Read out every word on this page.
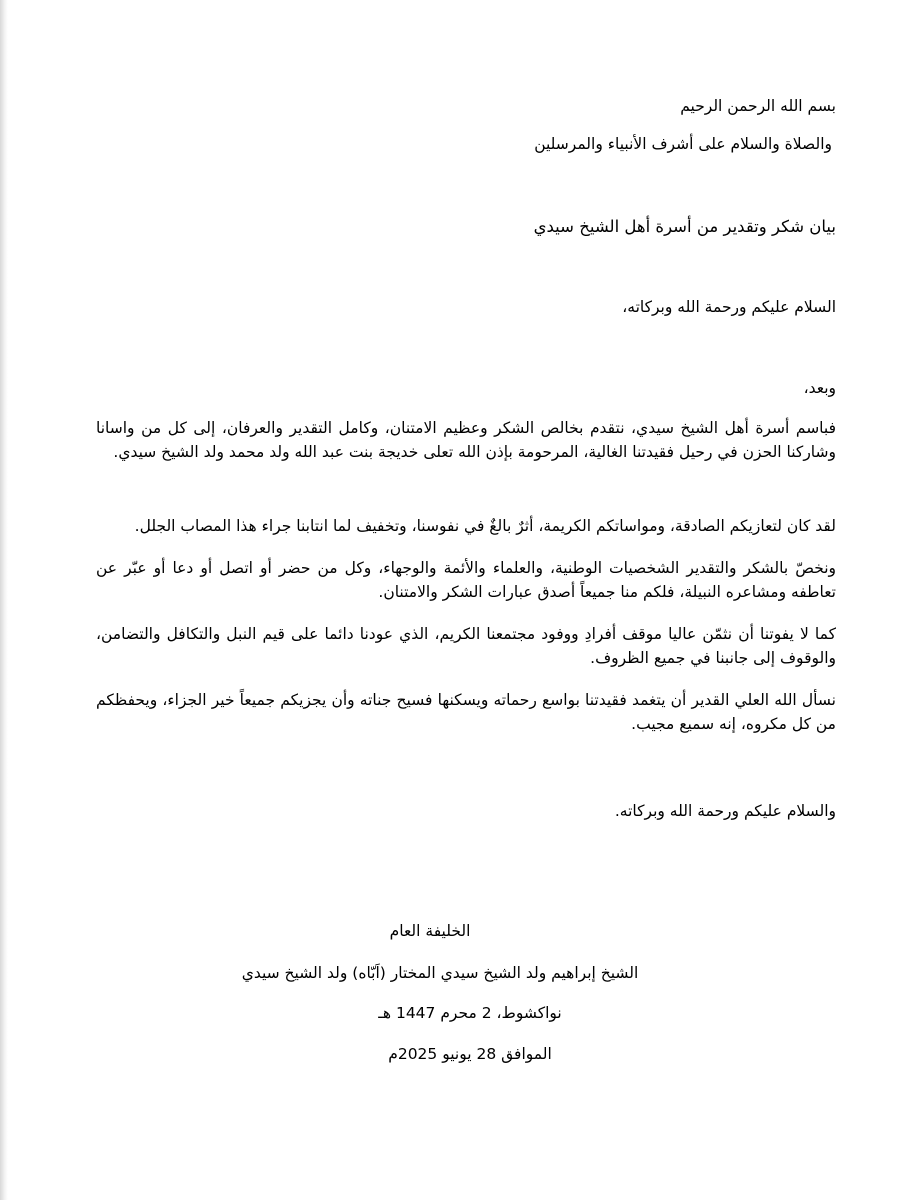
بسم الله الرحمن الرحيم
والصلاة والسلام على أشرف الأنبياء والمرسلين
بيان شكر وتقدير من أسرة أهل الشيخ سيدي
السلام عليكم ورحمة الله وبركاته،
وبعد،
فباسم أسرة أهل الشيخ سيدي، نتقدم بخالص الشكر وعظيم الامتنان، وكامل التقدير والعرفان، إلى كل من واسانا وشاركنا الحزن في رحيل فقيدتنا الغالية، المرحومة بإذن الله تعلى خديجة بنت عبد الله ولد محمد ولد الشيخ سيدي.
لقد كان لتعازيكم الصادقة، ومواساتكم الكريمة، أثرٌ بالغٌ في نفوسنا، وتخفيف لما انتابنا جراء هذا المصاب الجلل.
ونخصّ بالشكر والتقدير الشخصيات الوطنية، والعلماء والأئمة والوجهاء، وكل من حضر أو اتصل أو دعا أو عبّر عن تعاطفه ومشاعره النبيلة، فلكم منا جميعاً أصدق عبارات الشكر والامتنان.
كما لا يفوتنا أن نثمّن عاليا موقف أفرادِ ووفود مجتمعنا الكريم، الذي عودنا دائما على قيم النبل والتكافل والتضامن، والوقوف إلى جانبنا في جميع الظروف.
نسأل الله العلي القدير أن يتغمد فقيدتنا بواسع رحماته ويسكنها فسيح جناته وأن يجزيكم جميعاً خير الجزاء، ويحفظكم من كل مكروه، إنه سميع مجيب.
والسلام عليكم ورحمة الله وبركاته.
الخليفة العام
الشيخ إبراهيم ولد الشيخ سيدي المختار (اَبّاه) ولد الشيخ سيدي
نواكشوط، 2 محرم 1447 هـ
الموافق 28 يونيو 2025م
